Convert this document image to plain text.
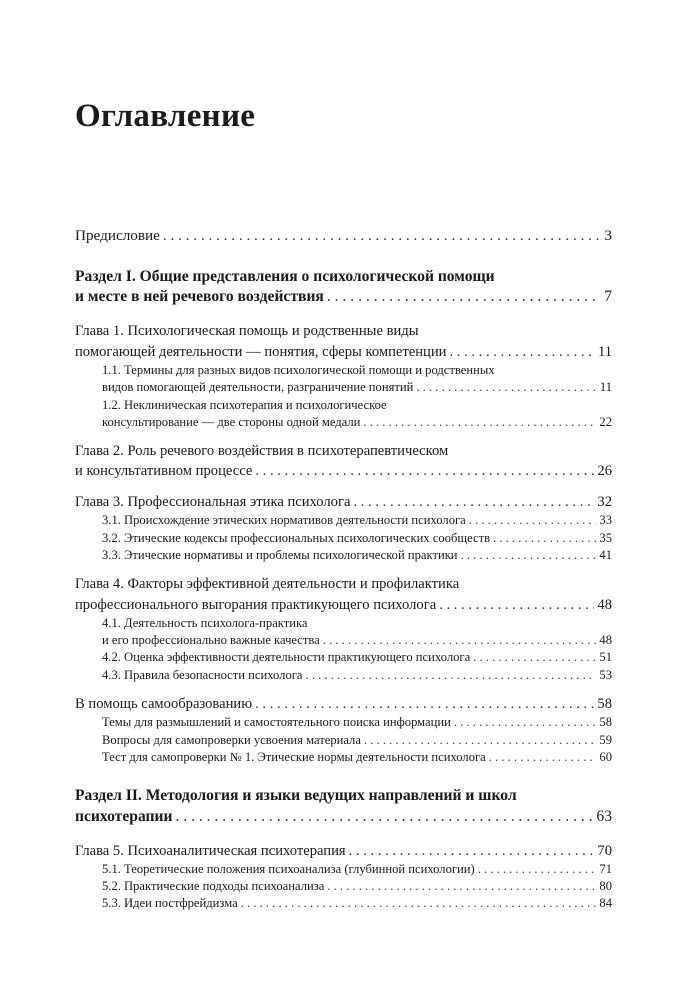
Оглавление
Предисловие . . .	3
Раздел I. Общие представления о психологической помощи
и месте в ней речевого воздействия . . .	7
Глава 1. Психологическая помощь и родственные виды
помогающей деятельности — понятия, сферы компетенции . . .	11
1.1. Термины для разных видов психологической помощи и родственных
видов помогающей деятельности, разграничение понятий . . .	11
1.2. Неклиническая психотерапия и психологическое
консультирование — две стороны одной медали . . .	22
Глава 2. Роль речевого воздействия в психотерапевтическом
и консультативном процессе . . .	26
Глава 3. Профессиональная этика психолога . . .	32
3.1. Происхождение этических нормативов деятельности психолога . . .	33
3.2. Этические кодексы профессиональных психологических сообществ . . .	35
3.3. Этические нормативы и проблемы психологической практики . . .	41
Глава 4. Факторы эффективной деятельности и профилактика
профессионального выгорания практикующего психолога . . .	48
4.1. Деятельность психолога-практика
и его профессионально важные качества . . .	48
4.2. Оценка эффективности деятельности практикующего психолога . . .	51
4.3. Правила безопасности психолога . . .	53
В помощь самообразованию . . .	58
Темы для размышлений и самостоятельного поиска информации . . .	58
Вопросы для самопроверки усвоения материала . . .	59
Тест для самопроверки № 1. Этические нормы деятельности психолога . . .	60
Раздел II. Методология и языки ведущих направлений и школ
психотерапии . . .	63
Глава 5. Психоаналитическая психотерапия . . .	70
5.1. Теоретические положения психоанализа (глубинной психологии) . . .	71
5.2. Практические подходы психоанализа . . .	80
5.3. Идеи постфрейдизма . . .	84
